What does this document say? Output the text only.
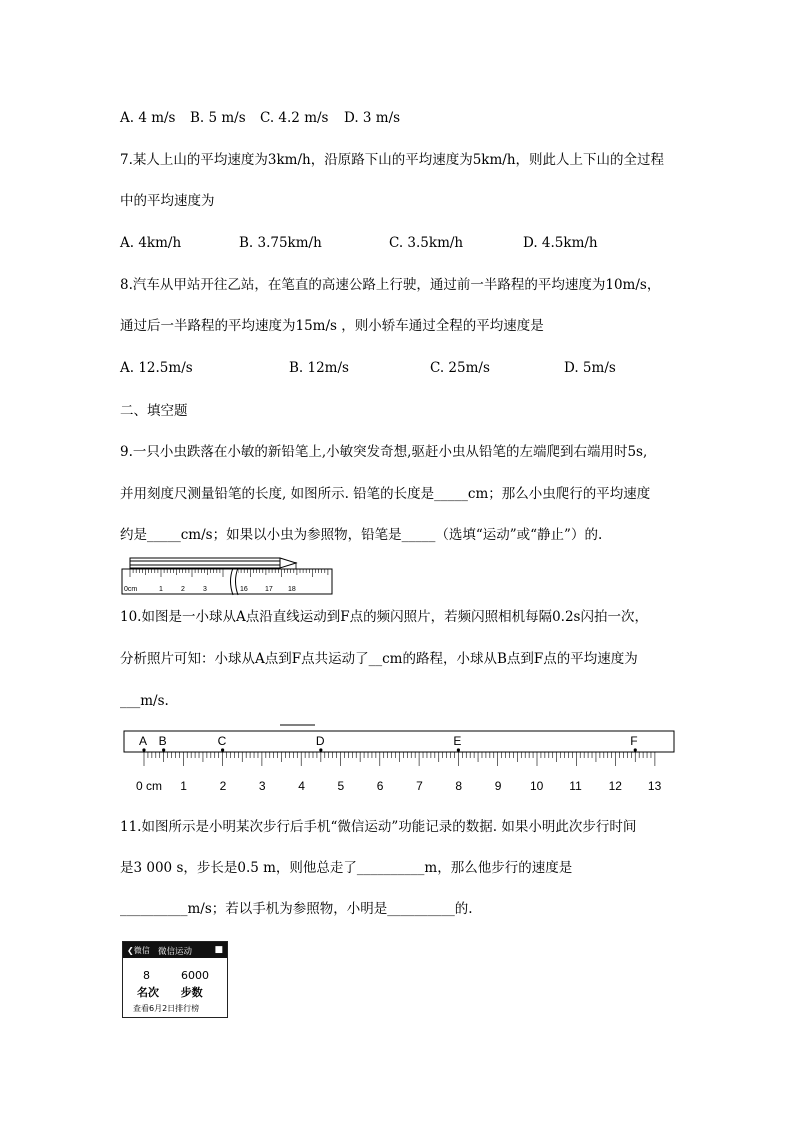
A. 4 m/s B. 5 m/s C. 4.2 m/s D. 3 m/s
7.某人上山的平均速度为3km/h，沿原路下山的平均速度为5km/h，则此人上下山的全过程
中的平均速度为
A. 4km/h	B. 3.75km/h	C. 3.5km/h	D. 4.5km/h
8.汽车从甲站开往乙站，在笔直的高速公路上行驶，通过前一半路程的平均速度为10m/s，
通过后一半路程的平均速度为15m/s ，则小轿车通过全程的平均速度是
A. 12.5m/s	B. 12m/s	C. 25m/s	D. 5m/s
二、填空题
9.一只小虫跌落在小敏的新铅笔上,小敏突发奇想,驱赶小虫从铅笔的左端爬到右端用时5s,
并用刻度尺测量铅笔的长度, 如图所示. 铅笔的长度是_____cm；那么小虫爬行的平均速度
约是_____cm/s；如果以小虫为参照物，铅笔是_____（选填“运动”或“静止”）的.
0cm	1	2	3	16 17 18
10.如图是一小球从A点沿直线运动到F点的频闪照片，若频闪照相机每隔0.2s闪拍一次，
分析照片可知：小球从A点到F点共运动了__cm的路程，小球从B点到F点的平均速度为
___m/s.
A B	C	D	E	F
0 cm 1	2	3	4	5	6	7	8	9 10 11 12 13
11.如图所示是小明某次步行后手机“微信运动”功能记录的数据. 如果小明此次步行时间
是3 000 s，步长是0.5 m，则他总走了__________m，那么他步行的速度是
__________m/s；若以手机为参照物，小明是__________的.
❮微信 微信运动	■
8	6000
名次 步数
查看6月2日排行榜
